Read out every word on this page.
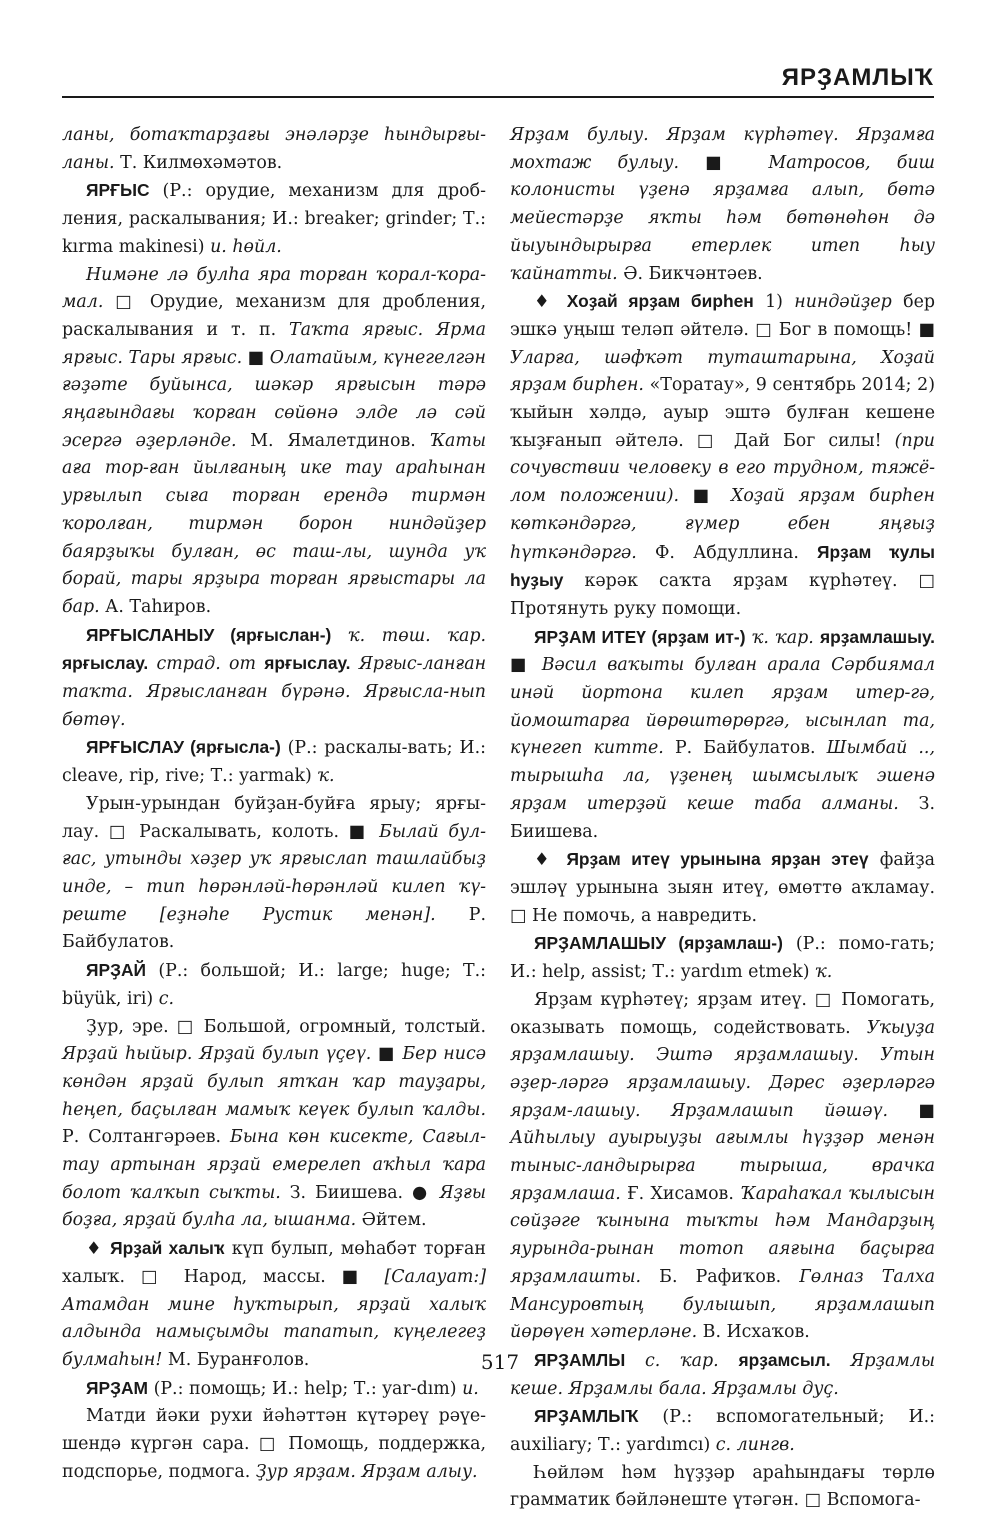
ЯРҘАМЛЫҠ

ланы, ботаҡтарҙағы энәләрҙе һындырғы-ланы. Т. Килмөхәмәтов.

ЯРҒЫС (Р.: орудие, механизм для дроб-ления, раскалывания; И.: breaker; grinder; Т.: kırma makinesi) и. һөйл.

Нимәне лә булһа яра торған ҡорал-ҡора-мал. □ Орудие, механизм для дробления, раскалывания и т. п. Таҡта ярғыс. Ярма ярғыс. Тары ярғыс. ■ Олатайым, күнегелгән ғәҙәте буйынса, шәкәр ярғысын тәрә яңағындағы ҡорған сөйөнә элде лә сәй эсергә әҙерләнде. М. Ямалетдинов. Ҡаты аға тор-ған йылғаның ике тау араһынан урғылып сыға торған ерендә тирмән ҡоролған, тирмән борон ниндәйҙер баярҙыҡы булған, өс таш-лы, шунда уҡ борай, тары ярҙыра торған ярғыстары ла бар. А. Таһиров.

ЯРҒЫСЛАНЫУ (ярғыслан-) ҡ. төш. ҡар. ярғыслау. страд. от ярғыслау. Ярғыс-ланған таҡта. Ярғысланған бүрәнә. Ярғысла-нып бөтөү.

ЯРҒЫСЛАУ (ярғысла-) (Р.: раскалы-вать; И.: cleave, rip, rive; Т.: yarmak) ҡ.

Урын-урындан буйҙан-буйға ярыу; ярғы-лау. □ Раскалывать, колоть. ■ Былай бул-ғас, утынды хәҙер уҡ ярғыслап ташлайбыҙ инде, – тип һөрәнләй-һөрәнләй килеп ҡү-реште [еҙнәһе Рустик менән]. Р. Байбулатов.

ЯРҘАЙ (Р.: большой; И.: large; huge; Т.: büyük, iri) с.

Ҙур, эре. □ Большой, огромный, толстый. Ярҙай һыйыр. Ярҙай булып үҫеү. ■ Бер нисә көндән ярҙай булып ятҡан ҡар тауҙары, һеңеп, баҫылған мамыҡ кеүек булып ҡалды. Р. Солтангәрәев. Бына көн кисекте, Сағыл-тау артынан ярҙай емерелеп аҡһыл ҡара болот ҡалҡып сыҡты. З. Биишева. ● Яҙғы боҙға, ярҙай булһа ла, ышанма. Әйтем.

♦ Ярҙай халыҡ күп булып, мөһабәт торған халыҡ. □ Народ, массы. ■ [Салауат:] Атамдан мине һуҡтырып, ярҙай халыҡ алдында намыҫымды тапатып, күңелегеҙ булмаһын! М. Буранғолов.

ЯРҘАМ (Р.: помощь; И.: help; Т.: yar-dım) и.

Матди йәки рухи йәһәттән күтәреү рәүе-шендә күргән сара. □ Помощь, поддержка, подспорье, подмога. Ҙур ярҙам. Ярҙам алыу.

Ярҙам булыу. Ярҙам күрһәтеү. Ярҙамға мохтаж булыу. ■ Матросов, биш колонисты үҙенә ярҙамға алып, бөтә мейестәрҙе яҡты һәм бөтөнөһөн дә йыуындырырға етерлек итеп һыу ҡайнатты. Ә. Бикчәнтәев.

♦ Хоҙай ярҙам бирһен 1) ниндәйҙер бер эшкә уңыш теләп әйтелә. □ Бог в помощь! ■ Уларға, шәфҡәт туташтарына, Хоҙай ярҙам бирһен. «Торатау», 9 сентябрь 2014; 2) ҡыйын хәлдә, ауыр эштә булған кешене ҡыҙғанып әйтелә. □ Дай Бог силы! (при сочувствии человеку в его трудном, тяжё-лом положении). ■ Хоҙай ярҙам бирһен көткәндәргә, ғүмер ебен яңғыҙ һүткәндәргә. Ф. Абдуллина. Ярҙам ҡулы һуҙыу кәрәк саҡта ярҙам күрһәтеү. □ Протянуть руку помощи.

ЯРҘАМ ИТЕҮ (ярҙам ит-) ҡ. ҡар. ярҙамлашыу. ■ Вәсил ваҡыты булған арала Сәрбиямал инәй йортона килеп ярҙам итер-гә, йомоштарға йөрөштөрөргә, ысынлап та, күнегеп китте. Р. Байбулатов. Шымбай .., тырышһа ла, үҙенең шымсылыҡ эшенә ярҙам итерҙәй кеше таба алманы. З. Биишева.

♦ Ярҙам итеү урынына ярҙан этеү файҙа эшләү урынына зыян итеү, өмөттө аҡламау. □ Не помочь, а навредить.

ЯРҘАМЛАШЫУ (ярҙамлаш-) (Р.: помо-гать; И.: help, assist; Т.: yardım etmek) ҡ.

Ярҙам күрһәтеү; ярҙам итеү. □ Помогать, оказывать помощь, содействовать. Уҡыуҙа ярҙамлашыу. Эштә ярҙамлашыу. Утын әҙер-ләргә ярҙамлашыу. Дәрес әҙерләргә ярҙам-лашыу. Ярҙамлашып йәшәү. ■ Айһылыу ауырыуҙы ағымлы һүҙҙәр менән тыныс-ландырырға тырыша, врачка ярҙамлаша. Ғ. Хисамов. Ҡараһаҡал ҡылысын сөйҙәге ҡынына тыҡты һәм Мандарҙың яурында-рынан тотоп аяғына баҫырға ярҙамлашты. Б. Рафиҡов. Гөлназ Талха Мансуровтың булышып, ярҙамлашып йөрөүен хәтерләне. В. Исхаҡов.

ЯРҘАМЛЫ с. ҡар. ярҙамсыл. Ярҙамлы кеше. Ярҙамлы бала. Ярҙамлы дуҫ.

ЯРҘАМЛЫҠ (Р.: вспомогательный; И.: auxiliary; Т.: yardımcı) с. лингв.

Һөйләм һәм һүҙҙәр араһындағы төрлө грамматик бәйләнеште үтәгән. □ Вспомога-

517
